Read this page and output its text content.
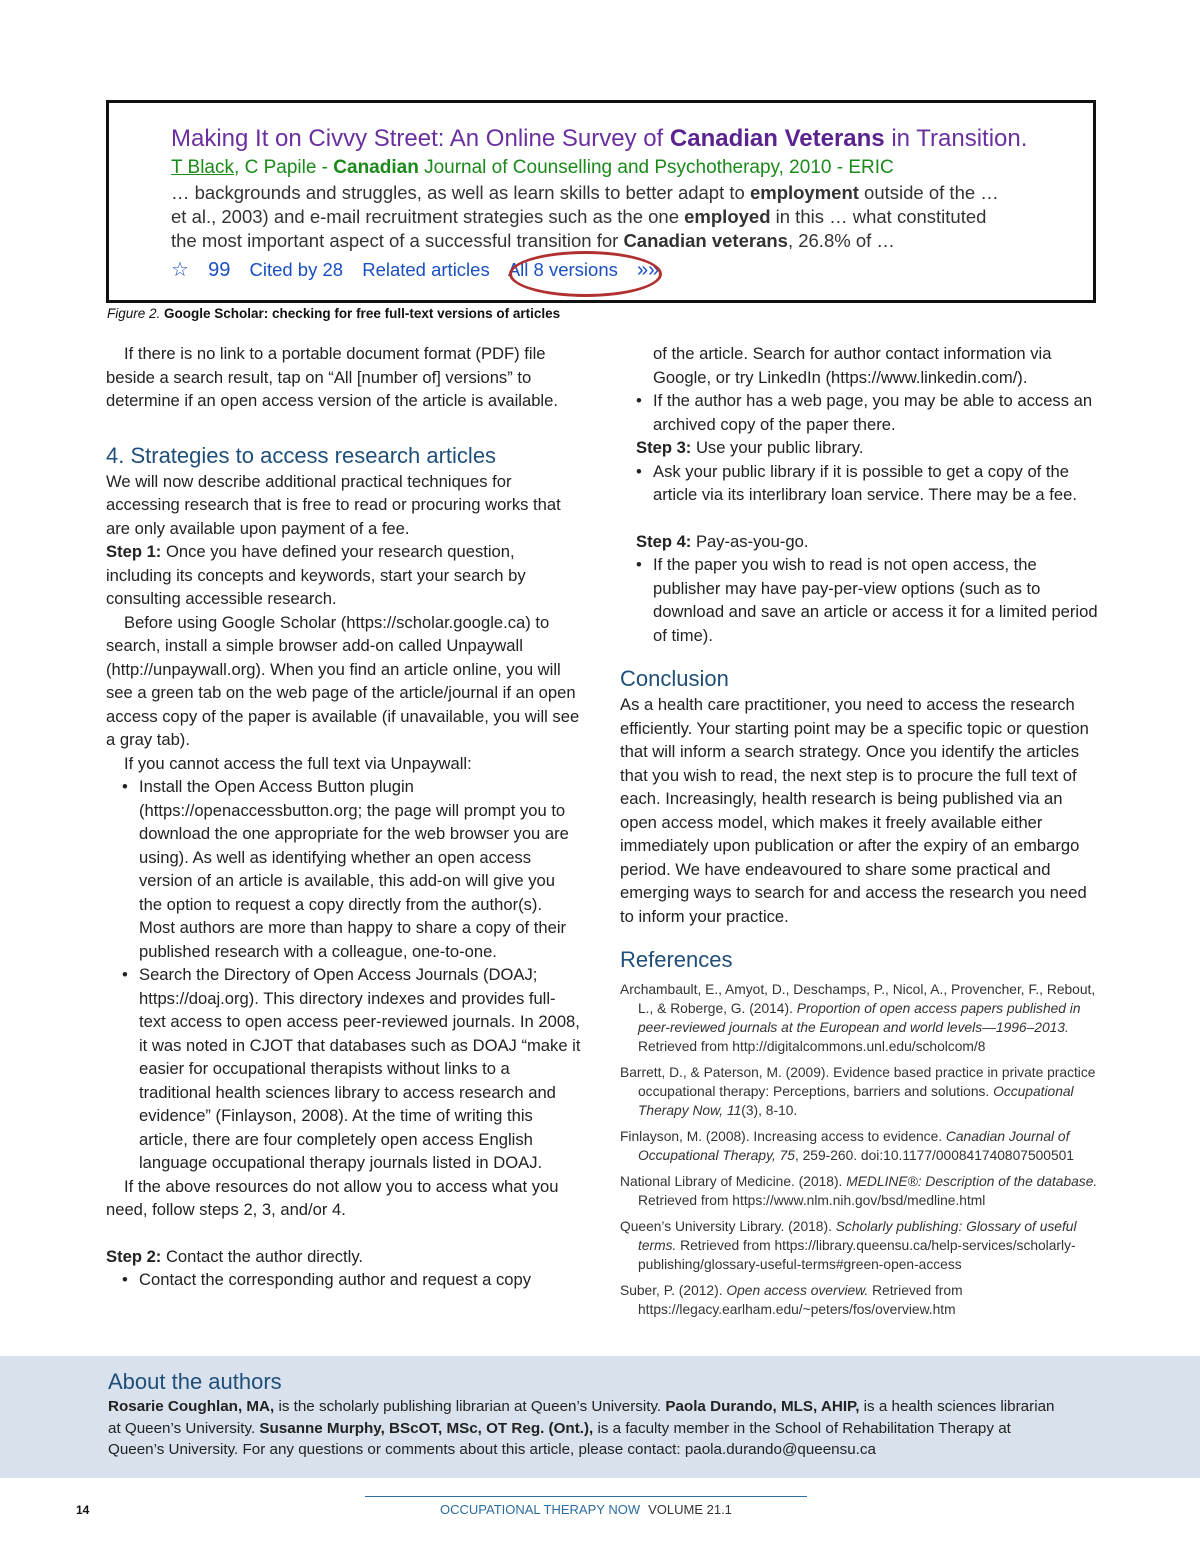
Making It on Civvy Street: An Online Survey of Canadian Veterans in Transition.
T Black, C Papile - Canadian Journal of Counselling and Psychotherapy, 2010 - ERIC
… backgrounds and struggles, as well as learn skills to better adapt to employment outside of the …
et al., 2003) and e-mail recruitment strategies such as the one employed in this … what constituted
the most important aspect of a successful transition for Canadian veterans, 26.8% of …
☆ 99 Cited by 28 Related articles All 8 versions »»
Figure 2. Google Scholar: checking for free full-text versions of articles

If there is no link to a portable document format (PDF) file beside a search result, tap on “All [number of] versions” to determine if an open access version of the article is available.

4. Strategies to access research articles

We will now describe additional practical techniques for accessing research that is free to read or procuring works that are only available upon payment of a fee.

Step 1: Once you have defined your research question, including its concepts and keywords, start your search by consulting accessible research.

Before using Google Scholar (https://scholar.google.ca) to search, install a simple browser add-on called Unpaywall (http://unpaywall.org). When you find an article online, you will see a green tab on the web page of the article/journal if an open access copy of the paper is available (if unavailable, you will see a gray tab).

If you cannot access the full text via Unpaywall:

• Install the Open Access Button plugin (https://openaccessbutton.org; the page will prompt you to download the one appropriate for the web browser you are using). As well as identifying whether an open access version of an article is available, this add-on will give you the option to request a copy directly from the author(s). Most authors are more than happy to share a copy of their published research with a colleague, one-to-one.
• Search the Directory of Open Access Journals (DOAJ; https://doaj.org). This directory indexes and provides full-text access to open access peer-reviewed journals. In 2008, it was noted in CJOT that databases such as DOAJ “make it easier for occupational therapists without links to a traditional health sciences library to access research and evidence” (Finlayson, 2008). At the time of writing this article, there are four completely open access English language occupational therapy journals listed in DOAJ.

If the above resources do not allow you to access what you need, follow steps 2, 3, and/or 4.

Step 2: Contact the author directly.

• Contact the corresponding author and request a copy

of the article. Search for author contact information via Google, or try LinkedIn (https://www.linkedin.com/).

• If the author has a web page, you may be able to access an archived copy of the paper there.

Step 3: Use your public library.

• Ask your public library if it is possible to get a copy of the article via its interlibrary loan service. There may be a fee.

Step 4: Pay-as-you-go.

• If the paper you wish to read is not open access, the publisher may have pay-per-view options (such as to download and save an article or access it for a limited period of time).
Conclusion

As a health care practitioner, you need to access the research efficiently. Your starting point may be a specific topic or question that will inform a search strategy. Once you identify the articles that you wish to read, the next step is to procure the full text of each. Increasingly, health research is being published via an open access model, which makes it freely available either immediately upon publication or after the expiry of an embargo period. We have endeavoured to share some practical and emerging ways to search for and access the research you need to inform your practice.

References
Archambault, E., Amyot, D., Deschamps, P., Nicol, A., Provencher, F., Rebout, L., & Roberge, G. (2014). Proportion of open access papers published in peer-reviewed journals at the European and world levels—1996–2013. Retrieved from http://digitalcommons.unl.edu/scholcom/8
Barrett, D., & Paterson, M. (2009). Evidence based practice in private practice occupational therapy: Perceptions, barriers and solutions. Occupational Therapy Now, 11(3), 8-10.
Finlayson, M. (2008). Increasing access to evidence. Canadian Journal of Occupational Therapy, 75, 259-260. doi:10.1177/000841740807500501
National Library of Medicine. (2018). MEDLINE®: Description of the database. Retrieved from https://www.nlm.nih.gov/bsd/medline.html
Queen’s University Library. (2018). Scholarly publishing: Glossary of useful terms. Retrieved from https://library.queensu.ca/help-services/scholarly-publishing/glossary-useful-terms#green-open-access
Suber, P. (2012). Open access overview. Retrieved from https://legacy.earlham.edu/~peters/fos/overview.htm
About the authors
Rosarie Coughlan, MA, is the scholarly publishing librarian at Queen’s University. Paola Durando, MLS, AHIP, is a health sciences librarian at Queen’s University. Susanne Murphy, BScOT, MSc, OT Reg. (Ont.), is a faculty member in the School of Rehabilitation Therapy at Queen’s University. For any questions or comments about this article, please contact: paola.durando@queensu.ca
14	OCCUPATIONAL THERAPY NOW VOLUME 21.1
